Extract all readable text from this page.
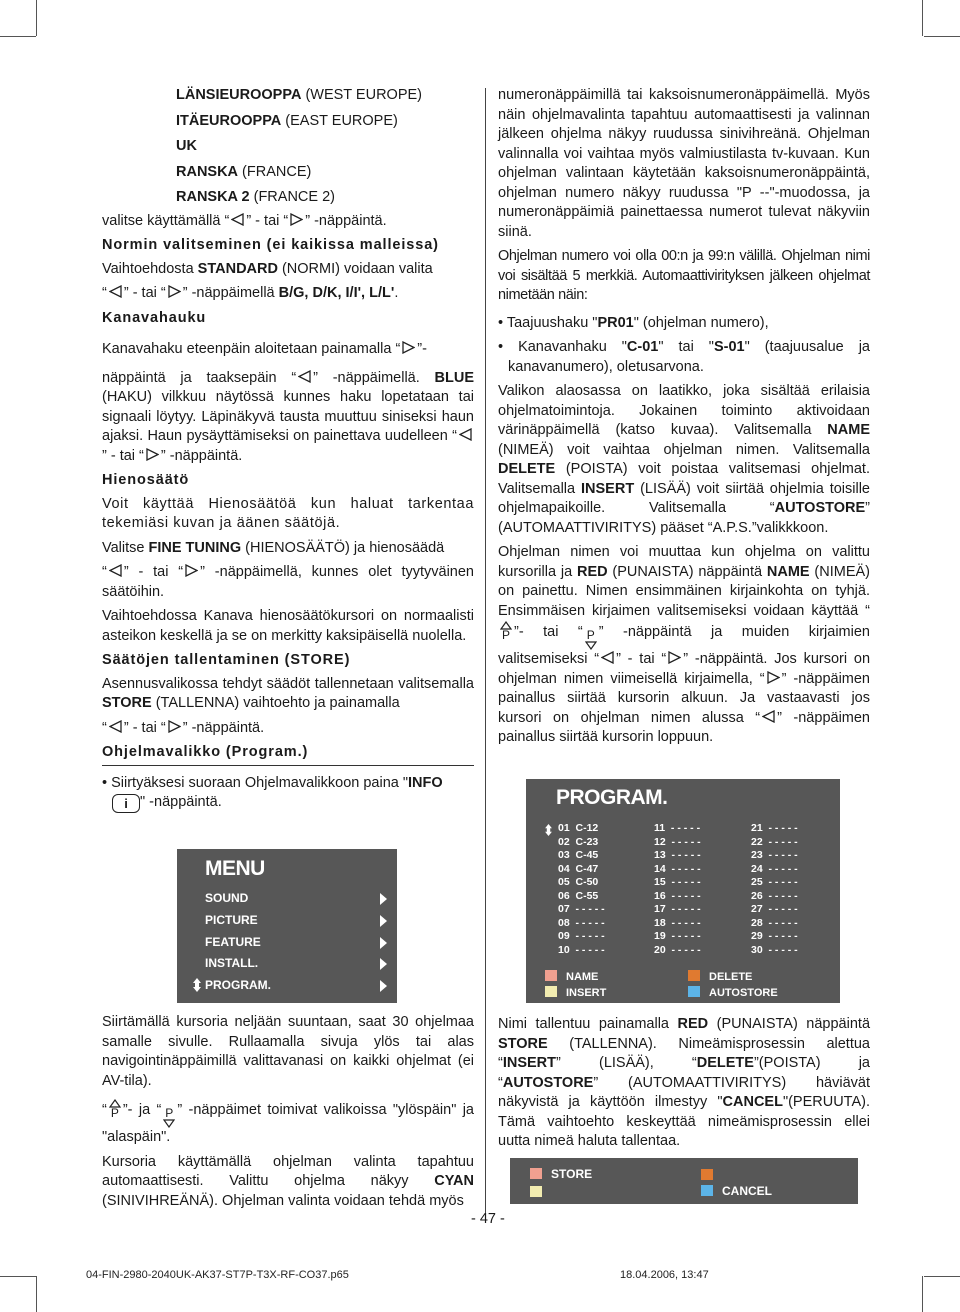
LÄNSIEUROOPPA (WEST EUROPE)
ITÄEUROOPPA (EAST EUROPE)
UK
RANSKA (FRANCE)
RANSKA 2 (FRANCE 2)
valitse käyttämällä “ ” - tai “ ” -näppäintä.
Normin valitseminen (ei kaikissa malleissa)

Vaihtoehdosta STANDARD (NORMI) voidaan valita

“ ” - tai “ ” -näppäimellä B/G, D/K, I/I', L/L'.
Kanavahauku

Kanavahaku eteenpäin aloitetaan painamalla “ ”-

näppäintä ja taaksepäin “ ” -näppäimellä. BLUE (HAKU) vilkkuu näytössä kunnes haku lopetataan tai signaali löytyy. Läpinäkyvä tausta muuttuu siniseksi haun ajaksi. Haun pysäyttämiseksi on painettava uudelleen “” - tai “ ” -näppäintä.

Hienosäätö

Voit käyttää Hienosäätöä kun haluat tarkentaa tekemiäsi kuvan ja äänen säätöjä.

Valitse FINE TUNING (HIENOSÄÄTÖ) ja hienosäädä

“ ” - tai “ ” -näppäimellä, kunnes olet tyytyväinen säätöihin.

Vaihtoehdossa Kanava hienosäätökursori on normaalisti asteikon keskellä ja se on merkitty kaksipäisellä nuolella.

Säätöjen tallentaminen (STORE)

Asennusvalikossa tehdyt säädöt tallennetaan valitsemalla STORE (TALLENNA) vaihtoehto ja painamalla

“ ” - tai “ ” -näppäintä.

Ohjelmavalikko (Program.)

• Siirtyäksesi suoraan Ohjelmavalikkoon paina "INFO
i " -näppäintä.

Siirtämällä kursoria neljään suuntaan, saat 30 ohjelmaa samalle sivulle. Rullaamalla sivuja ylös tai alas navigointinäppäimillä valittavanasi on kaikki ohjelmat (ei AV-tila).

“ P ”- ja “ P ” -näppäimet toimivat valikoissa "ylöspäin" ja "alaspäin".

Kursoria käyttämällä ohjelman valinta tapahtuu automaattisesti. Valittu ohjelma näkyy CYAN (SINIVIHREÄNÄ). Ohjelman valinta voidaan tehdä myös

MENU
SOUND
PICTURE
FEATURE
INSTALL.
PROGRAM.

numeronäppäimillä tai kaksoisnumeronäppäimellä. Myös näin ohjelmavalinta tapahtuu automaattisesti ja valinnan jälkeen ohjelma näkyy ruudussa sinivihreänä. Ohjelman valinnalla voi vaihtaa myös valmiustilasta tv-kuvaan. Kun ohjelman valintaan käytetään kaksoisnumeronäppäintä, ohjelman numero näkyy ruudussa "P --"-muodossa, ja numeronäppäimiä painettaessa numerot tulevat näkyviin siinä.

Ohjelman numero voi olla 00:n ja 99:n välillä. Ohjelman nimi voi sisältää 5 merkkiä. Automaattivirityksen jälkeen ohjelmat nimetään näin:

• Taajuushaku "PR01" (ohjelman numero),

• Kanavanhaku "C-01" tai "S-01" (taajuusalue ja kanavanumero), oletusarvona.

Valikon alaosassa on laatikko, joka sisältää erilaisia ohjelmatoimintoja. Jokainen toiminto aktivoidaan värinäppäimellä (katso kuvaa). Valitsemalla NAME (NIMEÄ) voit vaihtaa ohjelman nimen. Valitsemalla DELETE (POISTA) voit poistaa valitsemasi ohjelmat. Valitsemalla INSERT (LISÄÄ) voit siirtää ohjelmia toisille ohjelmapaikoille. Valitsemalla “AUTOSTORE” (AUTOMAATTIVIRITYS) pääset “A.P.S.”valikkkoon.

Ohjelman nimen voi muuttaa kun ohjelma on valittu kursorilla ja RED (PUNAISTA) näppäintä NAME (NIMEÄ) on painettu. Nimen ensimmäinen kirjainkohta on tyhjä. Ensimmäisen kirjaimen valitsemiseksi voidaan käyttää “
P ”- tai “ P ” -näppäintä ja muiden kirjaimien valitsemiseksi “ ” - tai “ ” -näppäintä. Jos kursori on ohjelman nimen viimeisellä kirjaimella, “ ” -näppäimen painallus siirtää kursorin alkuun. Ja vastaavasti jos kursori on ohjelman nimen alussa “ ” -näppäimen painallus siirtää kursorin loppuun.

PROGRAM.
01  C-12
02  C-23
03  C-45
04  C-47
05  C-50
06  C-55
07  - - - - -
08  - - - - -
09  - - - - -
10  - - - - -
11  - - - - -
12  - - - - -
13  - - - - -
14  - - - - -
15  - - - - -
16  - - - - -
17  - - - - -
18  - - - - -
19  - - - - -
20  - - - - -
21  - - - - -
22  - - - - -
23  - - - - -
24  - - - - -
25  - - - - -
26  - - - - -
27  - - - - -
28  - - - - -
29  - - - - -
30  - - - - -
NAME
INSERT
DELETE
AUTOSTORE

Nimi tallentuu painamalla RED (PUNAISTA) näppäintä STORE (TALLENNA). Nimeämisprosessin alettua “INSERT” (LISÄÄ), “DELETE”(POISTA) ja “AUTOSTORE” (AUTOMAATTIVIRITYS) häviävät näkyvistä ja käyttöön ilmestyy "CANCEL"(PERUUTA). Tämä vaihtoehto keskeyttää nimeämisprosessin ellei uutta nimeä haluta tallentaa.

STORE
CANCEL
- 47 -
04-FIN-2980-2040UK-AK37-ST7P-T3X-RF-CO37.p65	18.04.2006, 13:47
